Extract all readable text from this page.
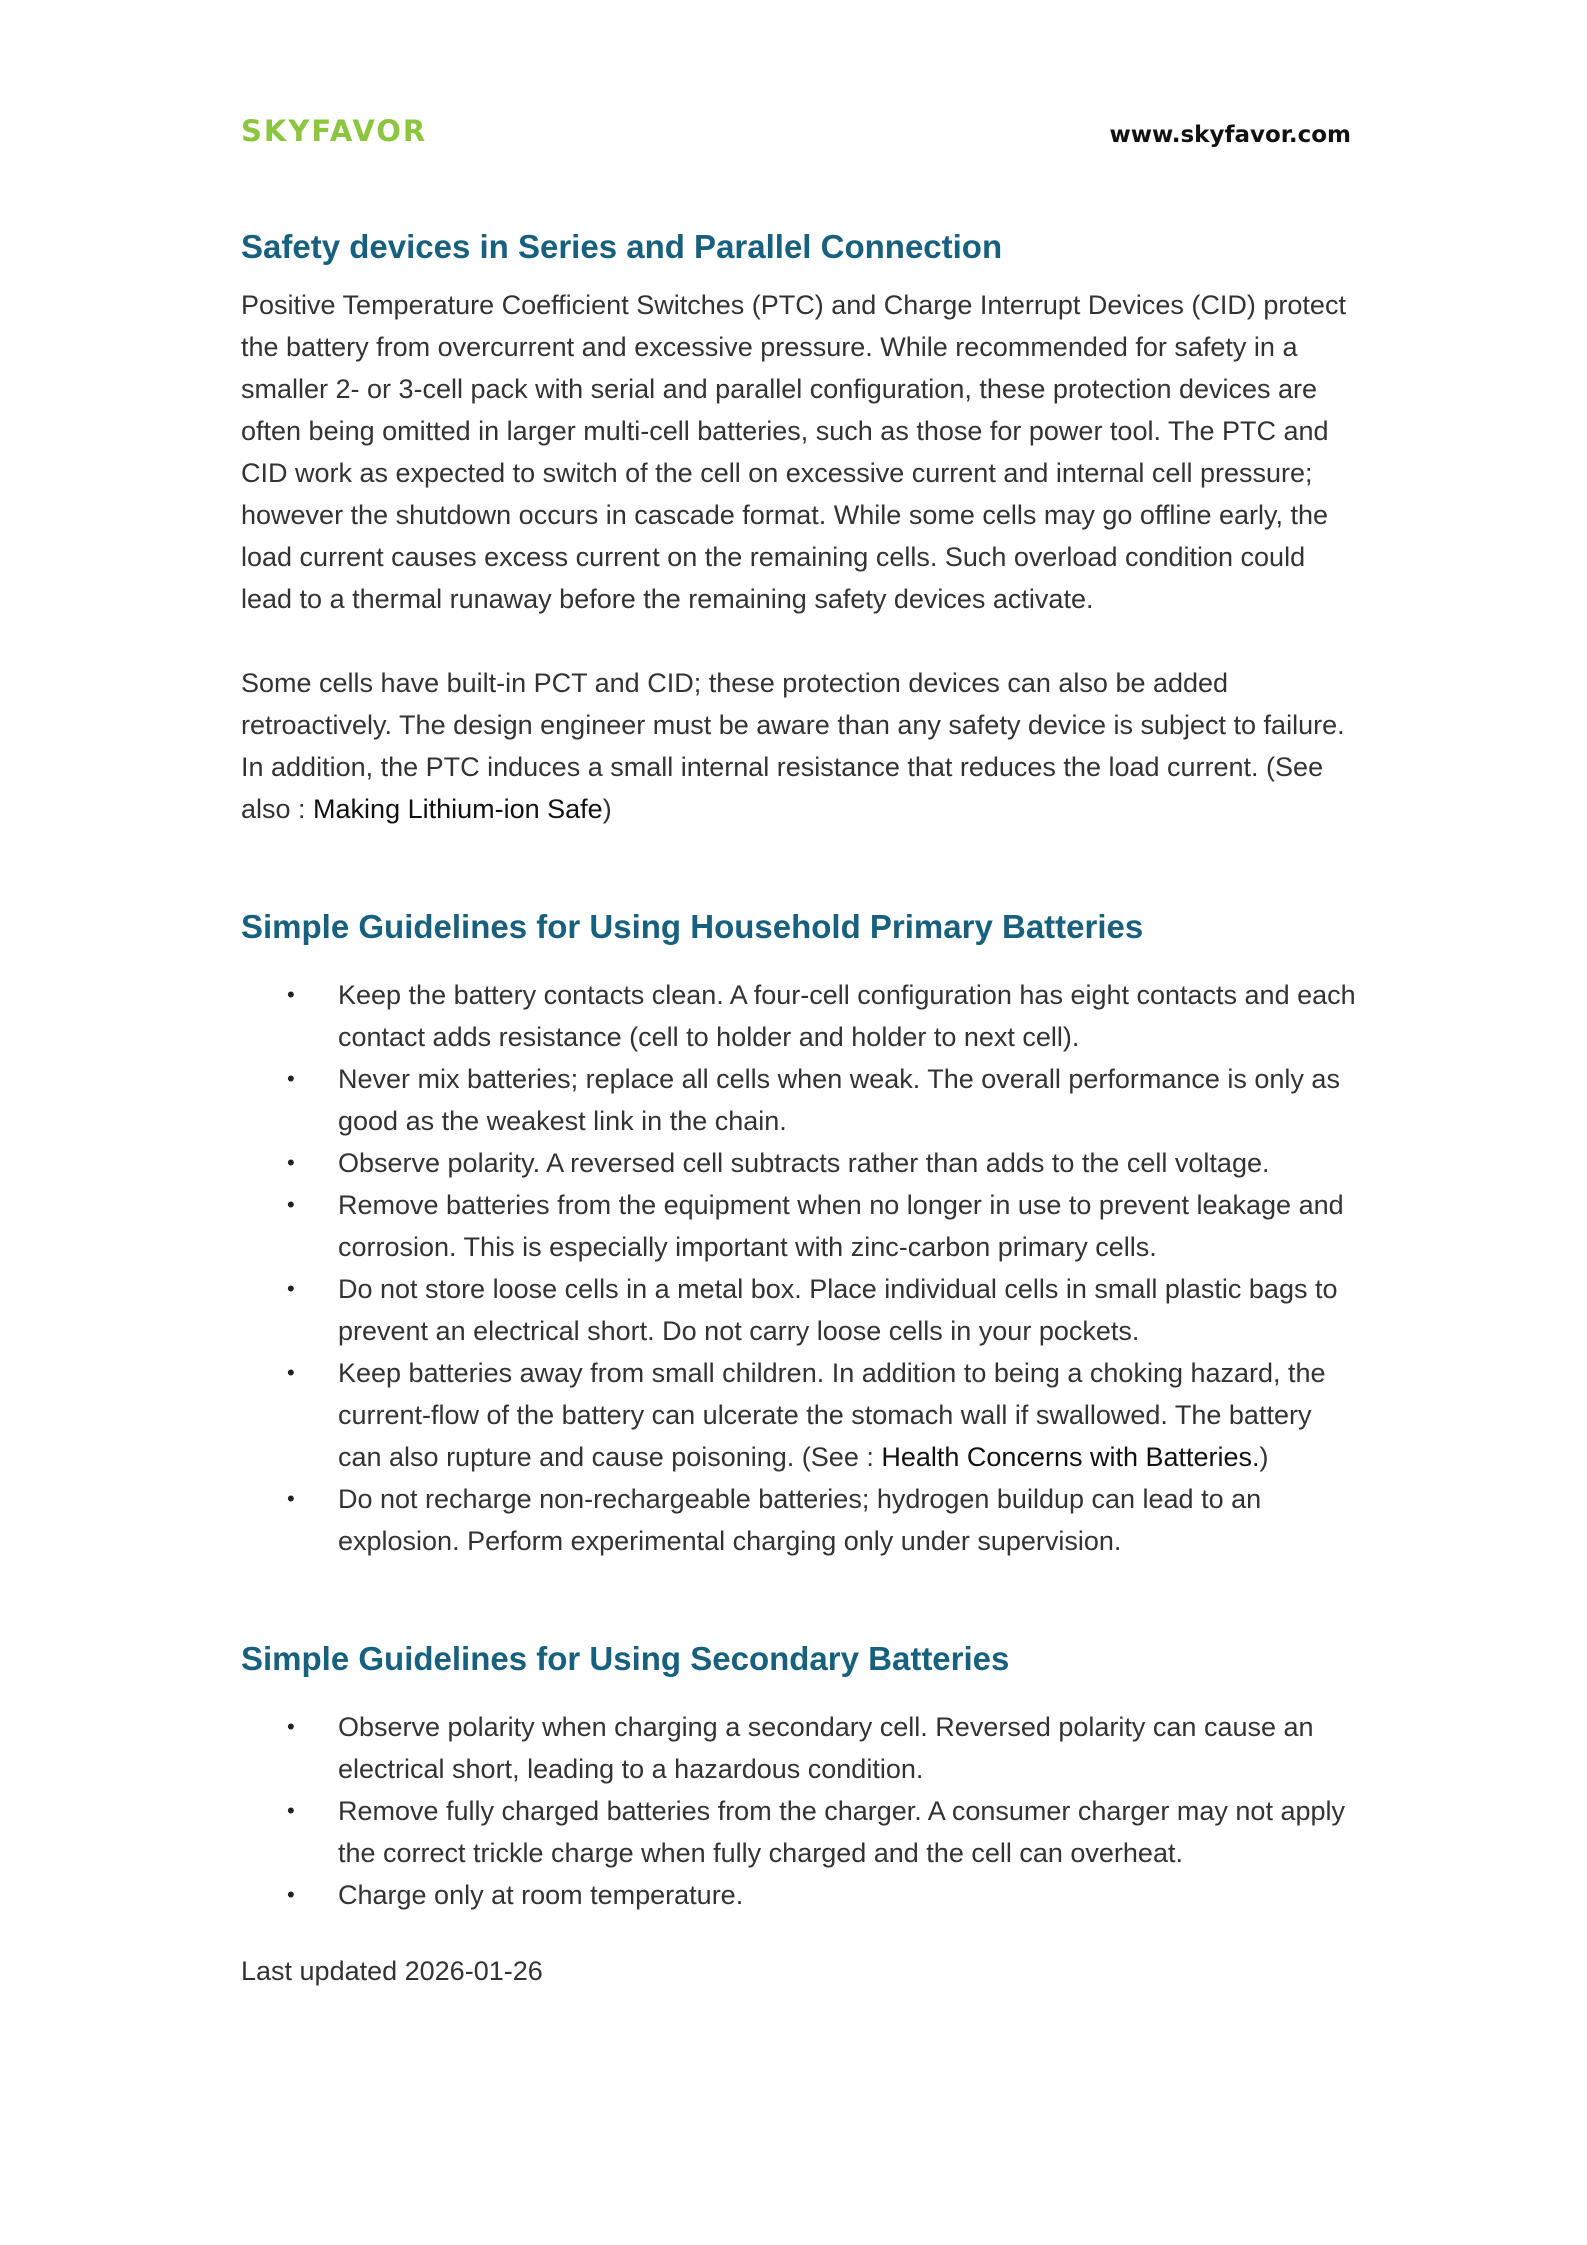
SKYFAVOR	www.skyfavor.com
Safety devices in Series and Parallel Connection

Positive Temperature Coefficient Switches (PTC) and Charge Interrupt Devices (CID) protect the battery from overcurrent and excessive pressure. While recommended for safety in a smaller 2- or 3-cell pack with serial and parallel configuration, these protection devices are often being omitted in larger multi-cell batteries, such as those for power tool. The PTC and CID work as expected to switch of the cell on excessive current and internal cell pressure; however the shutdown occurs in cascade format. While some cells may go offline early, the load current causes excess current on the remaining cells. Such overload condition could lead to a thermal runaway before the remaining safety devices activate.

Some cells have built-in PCT and CID; these protection devices can also be added retroactively. The design engineer must be aware than any safety device is subject to failure. In addition, the PTC induces a small internal resistance that reduces the load current. (See also : Making Lithium-ion Safe)

Simple Guidelines for Using Household Primary Batteries
• Keep the battery contacts clean. A four-cell configuration has eight contacts and each contact adds resistance (cell to holder and holder to next cell).
• Never mix batteries; replace all cells when weak. The overall performance is only as good as the weakest link in the chain.
• Observe polarity. A reversed cell subtracts rather than adds to the cell voltage.
• Remove batteries from the equipment when no longer in use to prevent leakage and corrosion. This is especially important with zinc-carbon primary cells.
• Do not store loose cells in a metal box. Place individual cells in small plastic bags to prevent an electrical short. Do not carry loose cells in your pockets.
• Keep batteries away from small children. In addition to being a choking hazard, the current-flow of the battery can ulcerate the stomach wall if swallowed. The battery can also rupture and cause poisoning. (See : Health Concerns with Batteries.)
• Do not recharge non-rechargeable batteries; hydrogen buildup can lead to an explosion. Perform experimental charging only under supervision.
Simple Guidelines for Using Secondary Batteries
• Observe polarity when charging a secondary cell. Reversed polarity can cause an electrical short, leading to a hazardous condition.
• Remove fully charged batteries from the charger. A consumer charger may not apply the correct trickle charge when fully charged and the cell can overheat.
• Charge only at room temperature.
Last updated 2026-01-26
